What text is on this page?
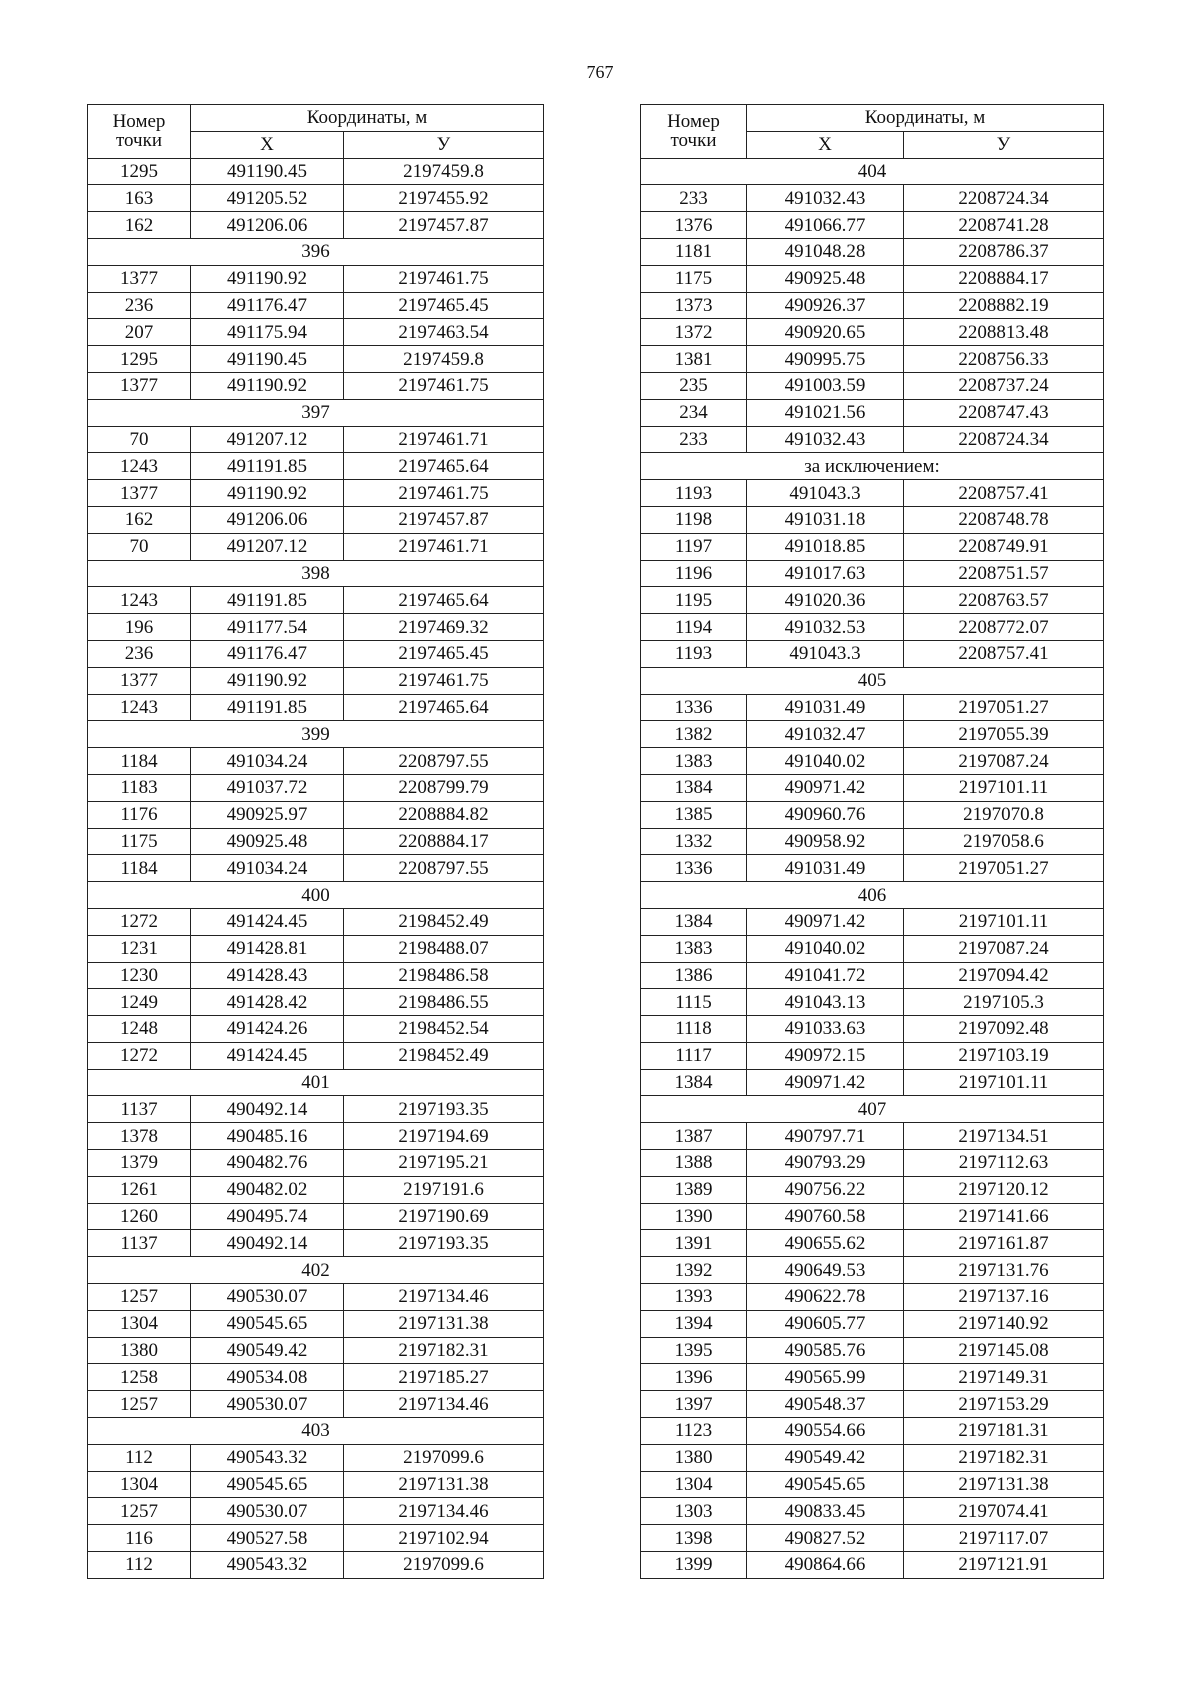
767
Номер
точки	Координаты, м	
	X	У
1295	491190.45	2197459.8
163	491205.52	2197455.92
162	491206.06	2197457.87
396		
1377	491190.92	2197461.75
236	491176.47	2197465.45
207	491175.94	2197463.54
1295	491190.45	2197459.8
1377	491190.92	2197461.75
397		
70	491207.12	2197461.71
1243	491191.85	2197465.64
1377	491190.92	2197461.75
162	491206.06	2197457.87
70	491207.12	2197461.71
398		
1243	491191.85	2197465.64
196	491177.54	2197469.32
236	491176.47	2197465.45
1377	491190.92	2197461.75
1243	491191.85	2197465.64
399		
1184	491034.24	2208797.55
1183	491037.72	2208799.79
1176	490925.97	2208884.82
1175	490925.48	2208884.17
1184	491034.24	2208797.55
400		
1272	491424.45	2198452.49
1231	491428.81	2198488.07
1230	491428.43	2198486.58
1249	491428.42	2198486.55
1248	491424.26	2198452.54
1272	491424.45	2198452.49
401		
1137	490492.14	2197193.35
1378	490485.16	2197194.69
1379	490482.76	2197195.21
1261	490482.02	2197191.6
1260	490495.74	2197190.69
1137	490492.14	2197193.35
402		
1257	490530.07	2197134.46
1304	490545.65	2197131.38
1380	490549.42	2197182.31
1258	490534.08	2197185.27
1257	490530.07	2197134.46
403		
112	490543.32	2197099.6
1304	490545.65	2197131.38
1257	490530.07	2197134.46
116	490527.58	2197102.94
112	490543.32	2197099.6
Номер
точки	Координаты, м	
	X	У
404		
233	491032.43	2208724.34
1376	491066.77	2208741.28
1181	491048.28	2208786.37
1175	490925.48	2208884.17
1373	490926.37	2208882.19
1372	490920.65	2208813.48
1381	490995.75	2208756.33
235	491003.59	2208737.24
234	491021.56	2208747.43
233	491032.43	2208724.34
за исключением:		
1193	491043.3	2208757.41
1198	491031.18	2208748.78
1197	491018.85	2208749.91
1196	491017.63	2208751.57
1195	491020.36	2208763.57
1194	491032.53	2208772.07
1193	491043.3	2208757.41
405		
1336	491031.49	2197051.27
1382	491032.47	2197055.39
1383	491040.02	2197087.24
1384	490971.42	2197101.11
1385	490960.76	2197070.8
1332	490958.92	2197058.6
1336	491031.49	2197051.27
406		
1384	490971.42	2197101.11
1383	491040.02	2197087.24
1386	491041.72	2197094.42
1115	491043.13	2197105.3
1118	491033.63	2197092.48
1117	490972.15	2197103.19
1384	490971.42	2197101.11
407		
1387	490797.71	2197134.51
1388	490793.29	2197112.63
1389	490756.22	2197120.12
1390	490760.58	2197141.66
1391	490655.62	2197161.87
1392	490649.53	2197131.76
1393	490622.78	2197137.16
1394	490605.77	2197140.92
1395	490585.76	2197145.08
1396	490565.99	2197149.31
1397	490548.37	2197153.29
1123	490554.66	2197181.31
1380	490549.42	2197182.31
1304	490545.65	2197131.38
1303	490833.45	2197074.41
1398	490827.52	2197117.07
1399	490864.66	2197121.91
